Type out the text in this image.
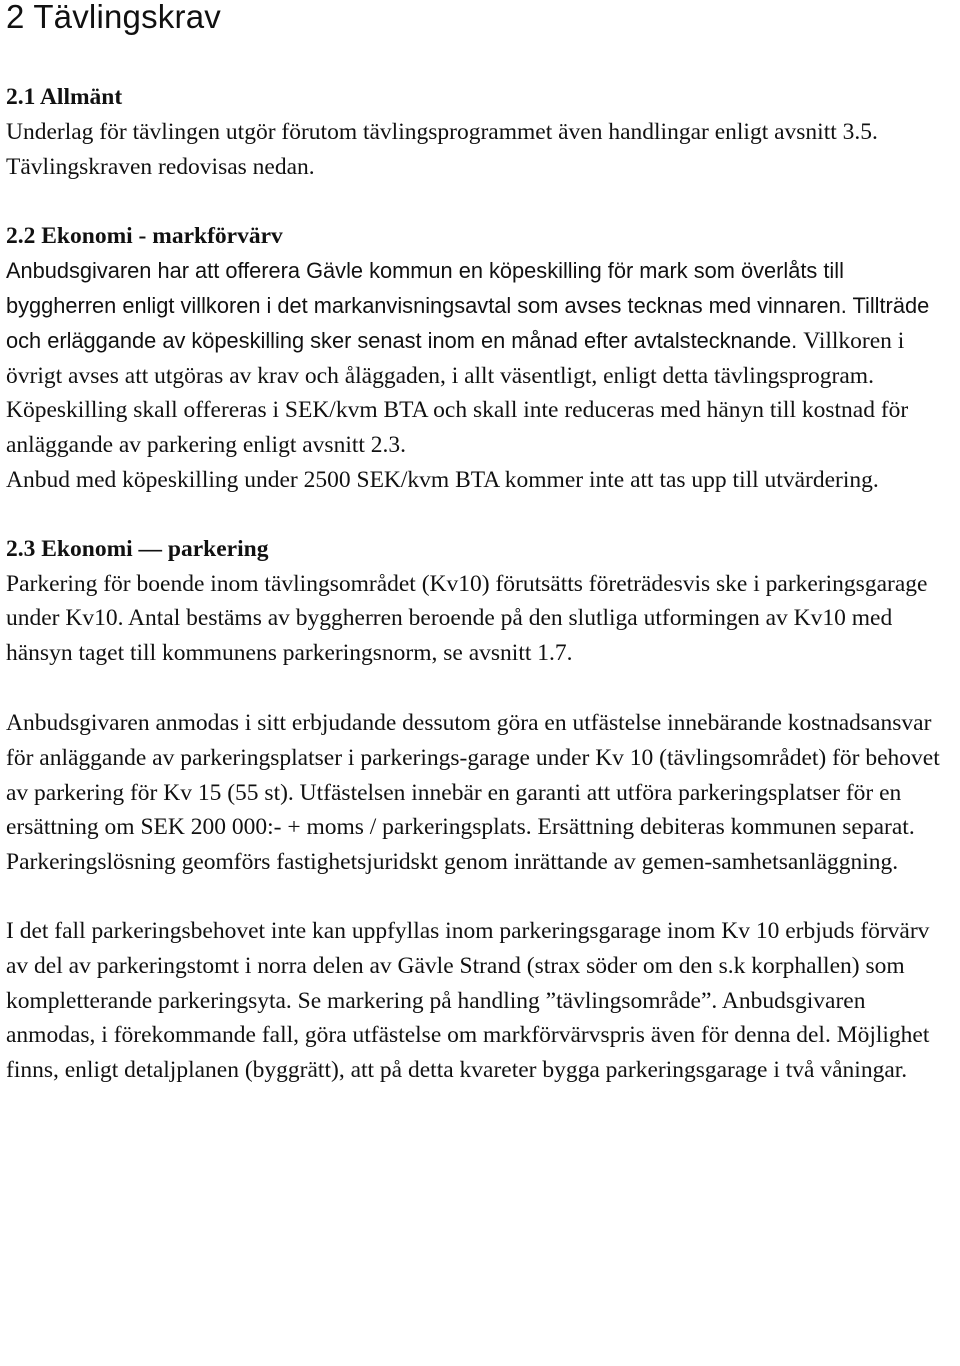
2 Tävlingskrav
2.1 Allmänt

Underlag för tävlingen utgör förutom tävlingsprogrammet även handlingar enligt avsnitt 3.5. Tävlingskraven redovisas nedan.

2.2 Ekonomi - markförvärv

Anbudsgivaren har att offerera Gävle kommun en köpeskilling för mark som överlåts till byggherren enligt villkoren i det markanvisningsavtal som avses tecknas med vinnaren. Tillträde och erläggande av köpeskilling sker senast inom en månad efter avtalstecknande. Villkoren i övrigt avses att utgöras av krav och åläggaden, i allt väsentligt, enligt detta tävlingsprogram. Köpeskilling skall offereras i SEK/kvm BTA och skall inte reduceras med hänyn till kostnad för anläggande av parkering enligt avsnitt 2.3.

Anbud med köpeskilling under 2500 SEK/kvm BTA kommer inte att tas upp till utvärdering.

2.3 Ekonomi — parkering

Parkering för boende inom tävlingsområdet (Kv10) förutsätts företrädesvis ske i parkeringsgarage under Kv10. Antal bestäms av byggherren beroende på den slutliga utformingen av Kv10 med hänsyn taget till kommunens parkeringsnorm, se avsnitt 1.7.

Anbudsgivaren anmodas i sitt erbjudande dessutom göra en utfästelse innebärande kostnadsansvar för anläggande av parkeringsplatser i parkerings-garage under Kv 10 (tävlingsområdet) för behovet av parkering för Kv 15 (55 st). Utfästelsen innebär en garanti att utföra parkeringsplatser för en ersättning om SEK 200 000:- + moms / parkeringsplats. Ersättning debiteras kommunen separat.

Parkeringslösning geomförs fastighetsjuridskt genom inrättande av gemen-samhetsanläggning.

I det fall parkeringsbehovet inte kan uppfyllas inom parkeringsgarage inom Kv 10 erbjuds förvärv av del av parkeringstomt i norra delen av Gävle Strand (strax söder om den s.k korphallen) som kompletterande parkeringsyta. Se markering på handling ”tävlingsområde”. Anbudsgivaren anmodas, i förekommande fall, göra utfästelse om markförvärvspris även för denna del. Möjlighet finns, enligt detaljplanen (byggrätt), att på detta kvareter bygga parkeringsgarage i två våningar.
